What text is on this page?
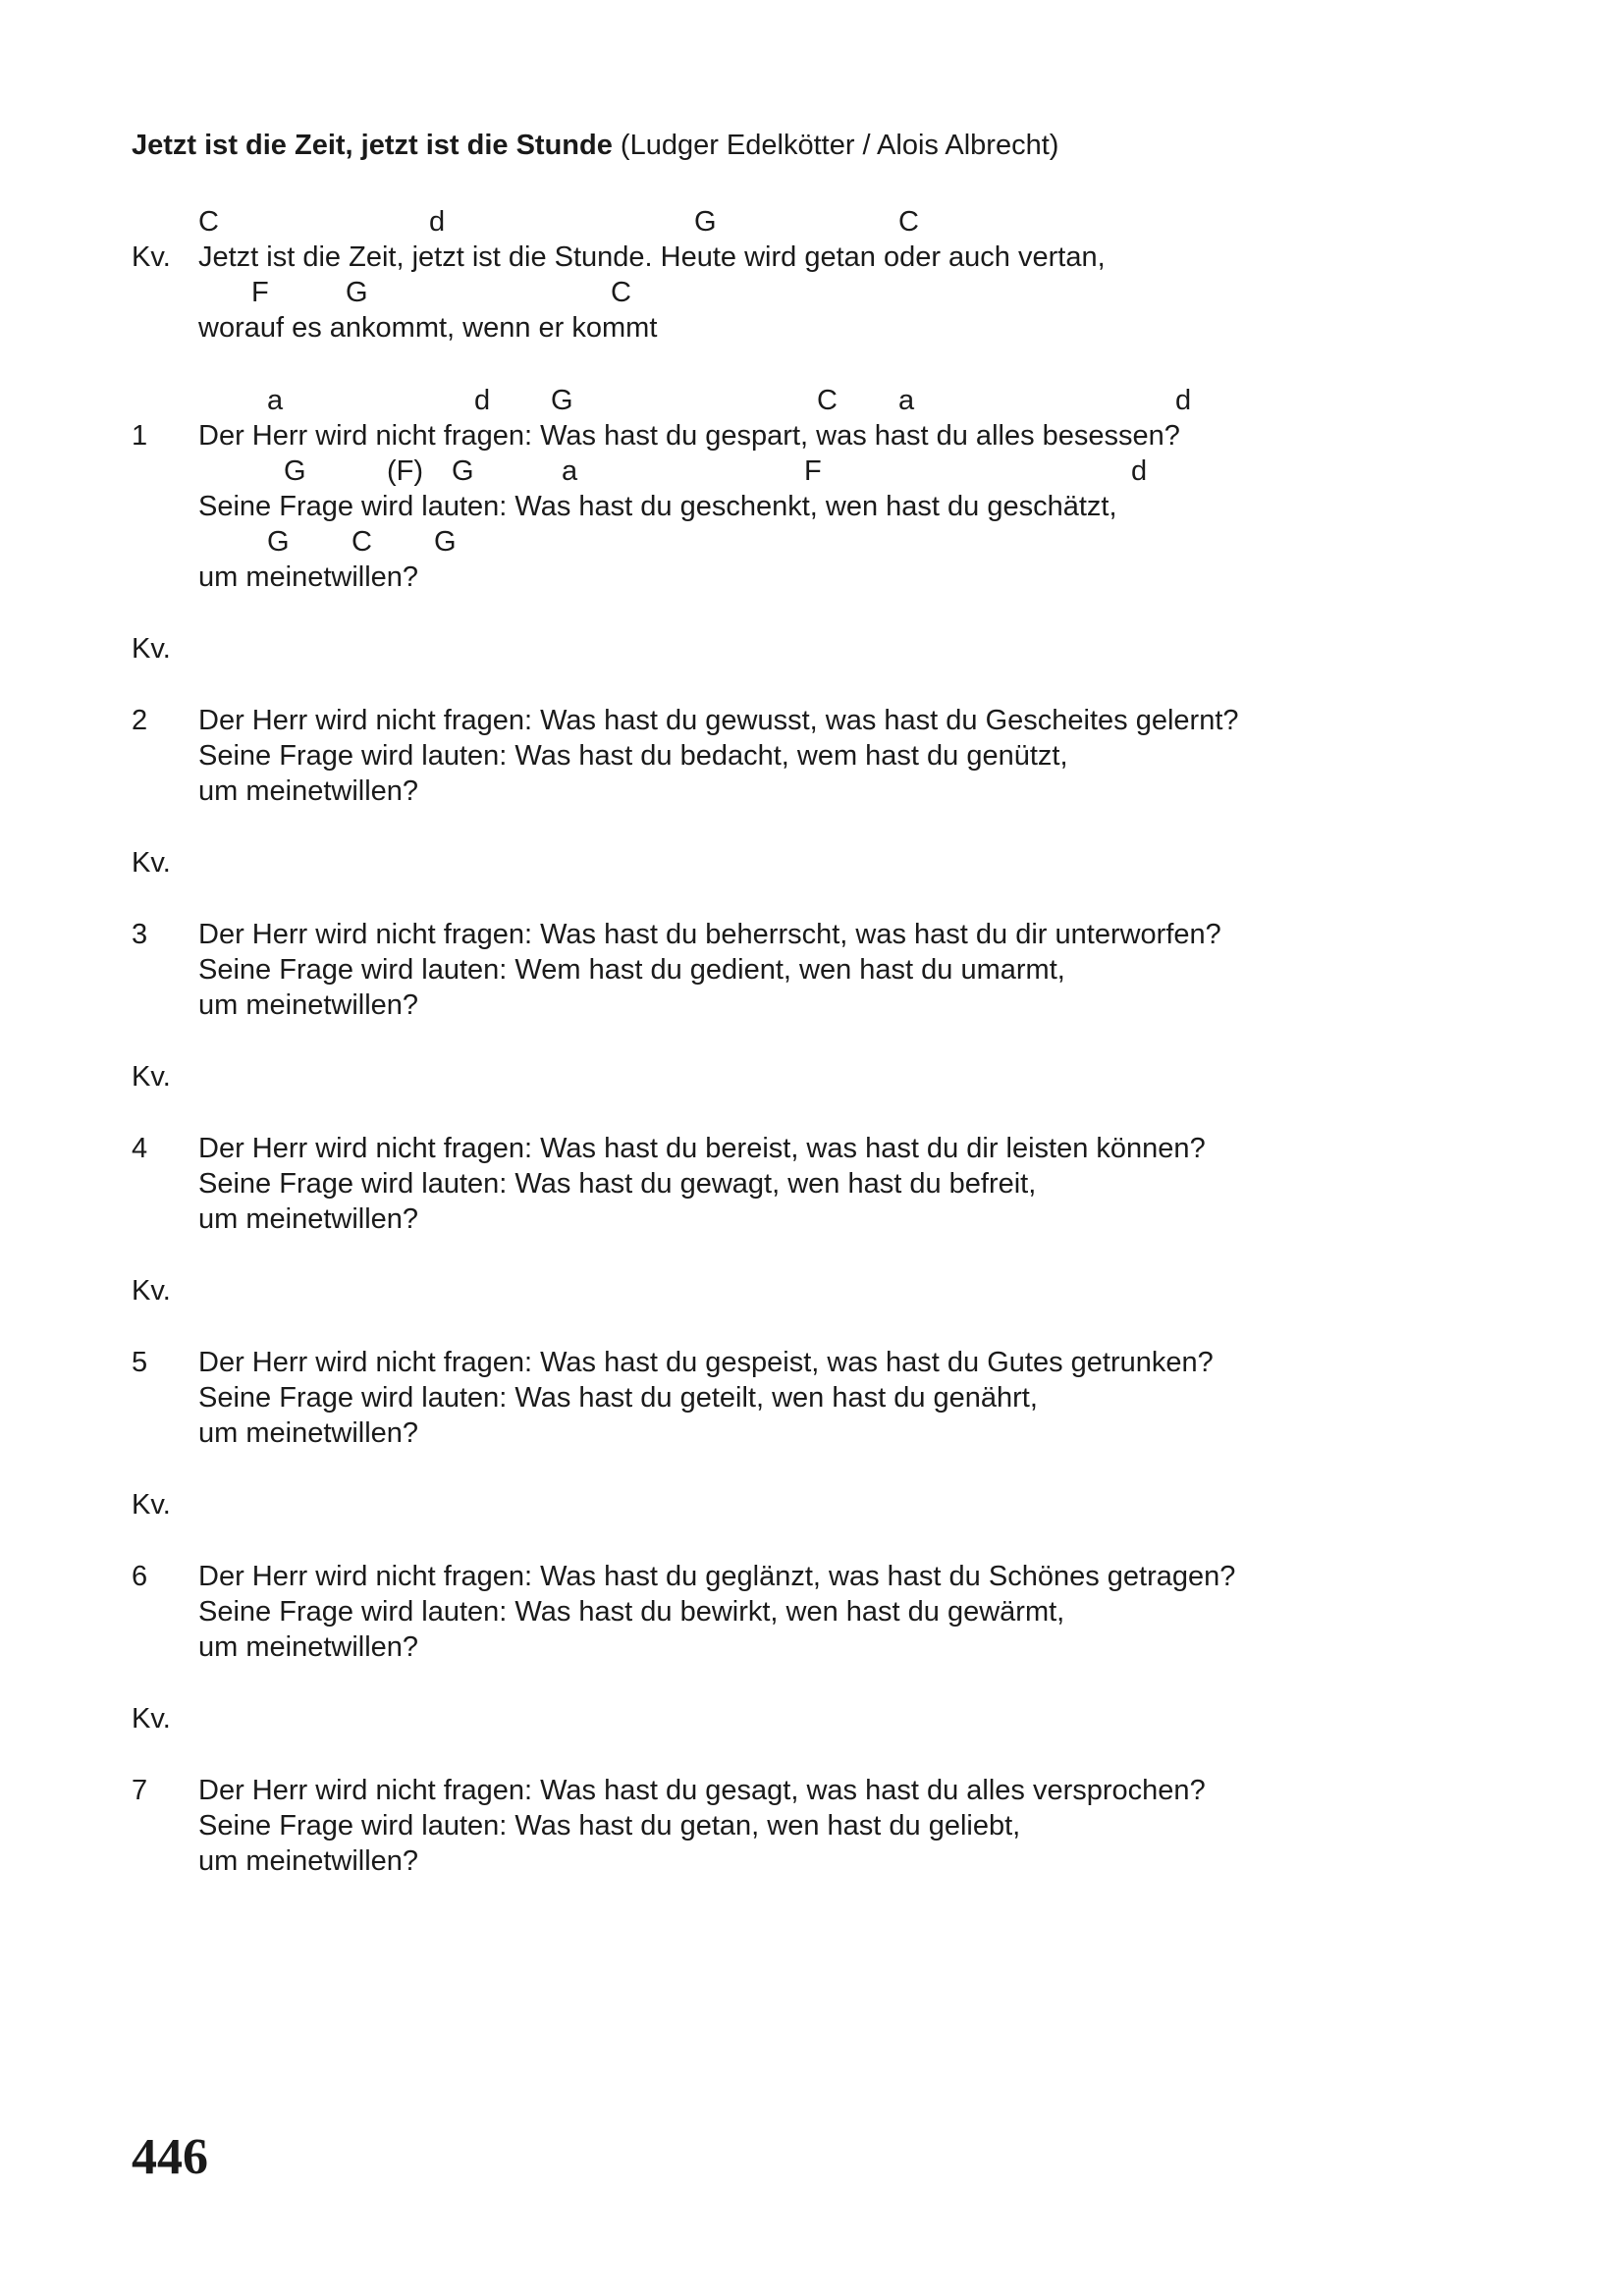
Jetzt ist die Zeit, jetzt ist die Stunde (Ludger Edelkötter / Alois Albrecht)
C	d	G	C
Kv. Jetzt ist die Zeit, jetzt ist die Stunde. Heute wird getan oder auch vertan,
F	G	C
worauf es ankommt, wenn er kommt
a	d G	C a	d
1 Der Herr wird nicht fragen: Was hast du gespart, was hast du alles besessen?
G	(F) G	a	F	d
Seine Frage wird lauten: Was hast du geschenkt, wen hast du geschätzt,
G C G
um meinetwillen?
Kv.
2 Der Herr wird nicht fragen: Was hast du gewusst, was hast du Gescheites gelernt?
Seine Frage wird lauten: Was hast du bedacht, wem hast du genützt,
um meinetwillen?
Kv.
3 Der Herr wird nicht fragen: Was hast du beherrscht, was hast du dir unterworfen?
Seine Frage wird lauten: Wem hast du gedient, wen hast du umarmt,
um meinetwillen?
Kv.
4 Der Herr wird nicht fragen: Was hast du bereist, was hast du dir leisten können?
Seine Frage wird lauten: Was hast du gewagt, wen hast du befreit,
um meinetwillen?
Kv.
5 Der Herr wird nicht fragen: Was hast du gespeist, was hast du Gutes getrunken?
Seine Frage wird lauten: Was hast du geteilt, wen hast du genährt,
um meinetwillen?
Kv.
6 Der Herr wird nicht fragen: Was hast du geglänzt, was hast du Schönes getragen?
Seine Frage wird lauten: Was hast du bewirkt, wen hast du gewärmt,
um meinetwillen?
Kv.
7 Der Herr wird nicht fragen: Was hast du gesagt, was hast du alles versprochen?
Seine Frage wird lauten: Was hast du getan, wen hast du geliebt,
um meinetwillen?
446
